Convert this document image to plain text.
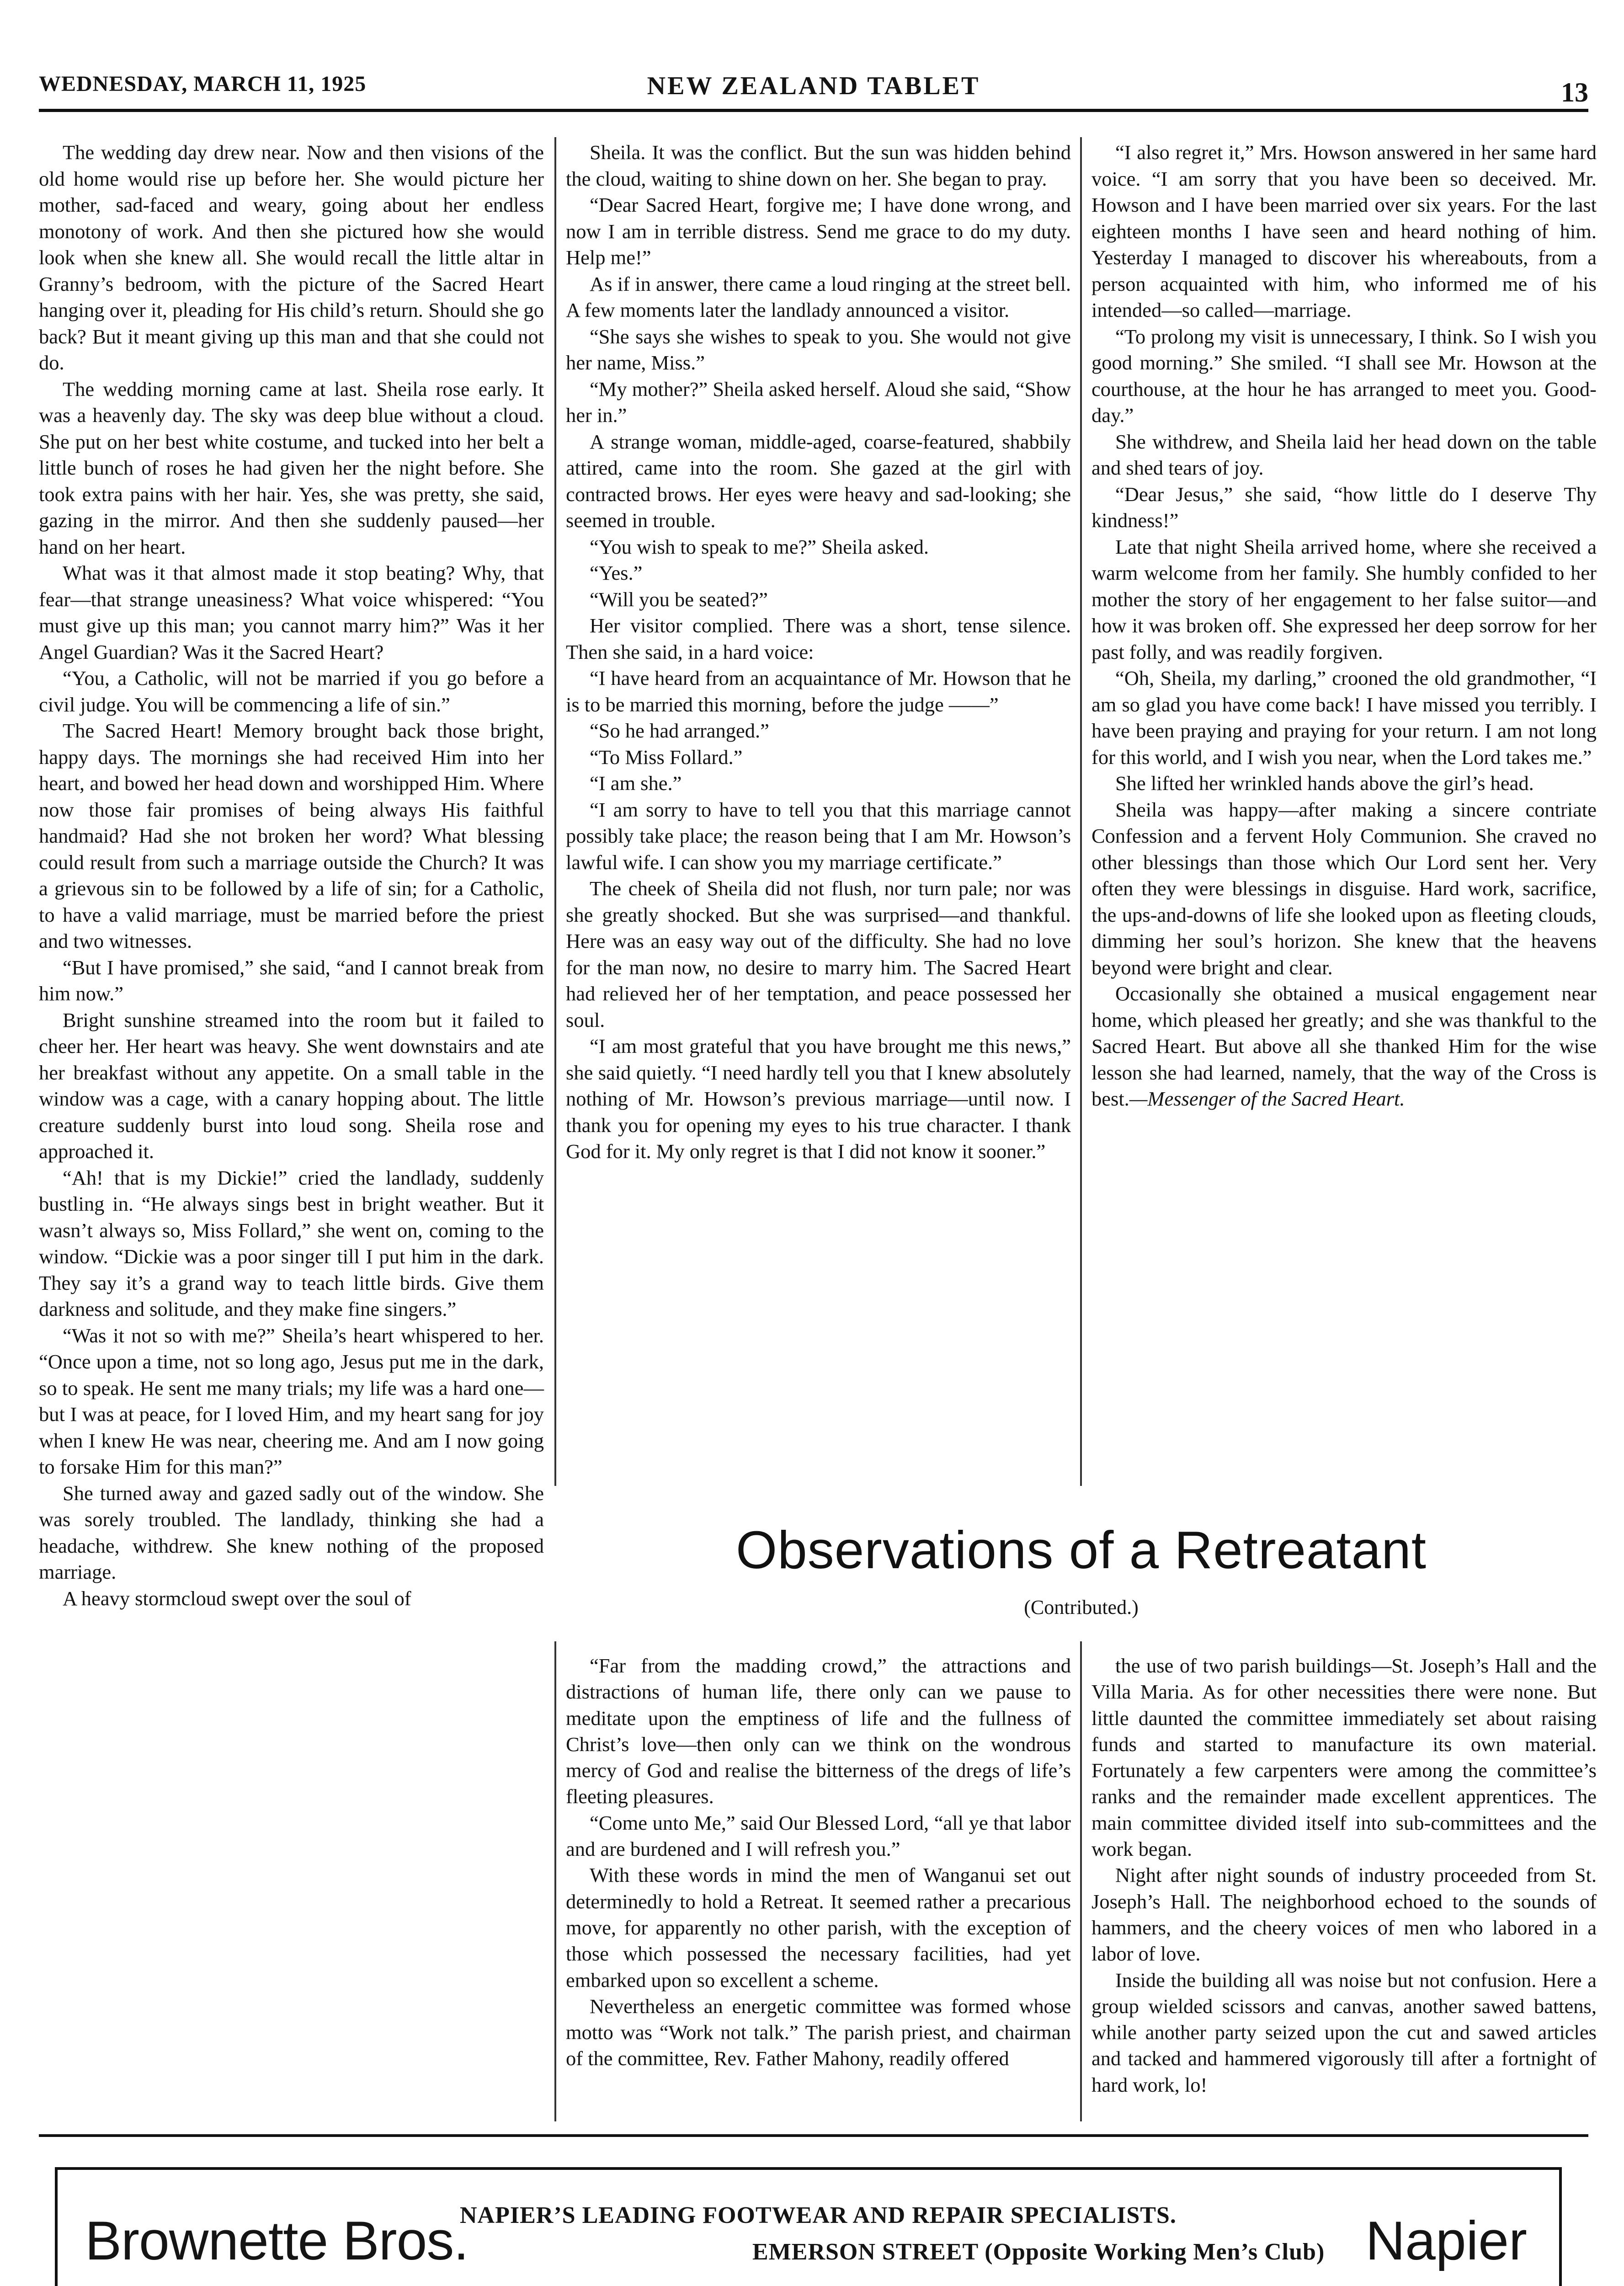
WEDNESDAY, MARCH 11, 1925	NEW ZEALAND TABLET	13

The wedding day drew near. Now and then visions of the old home would rise up before her. She would picture her mother, sad-faced and weary, going about her endless monotony of work. And then she pictured how she would look when she knew all. She would recall the little altar in Granny’s bedroom, with the picture of the Sacred Heart hanging over it, pleading for His child’s return. Should she go back? But it meant giving up this man and that she could not do.

The wedding morning came at last. Sheila rose early. It was a heavenly day. The sky was deep blue without a cloud. She put on her best white costume, and tucked into her belt a little bunch of roses he had given her the night before. She took extra pains with her hair. Yes, she was pretty, she said, gazing in the mirror. And then she suddenly paused—her hand on her heart.

What was it that almost made it stop beating? Why, that fear—that strange uneasiness? What voice whispered: “You must give up this man; you cannot marry him?” Was it her Angel Guardian? Was it the Sacred Heart?

“You, a Catholic, will not be married if you go before a civil judge. You will be commencing a life of sin.”

The Sacred Heart! Memory brought back those bright, happy days. The mornings she had received Him into her heart, and bowed her head down and worshipped Him. Where now those fair promises of being always His faithful handmaid? Had she not broken her word? What blessing could result from such a marriage outside the Church? It was a grievous sin to be followed by a life of sin; for a Catholic, to have a valid marriage, must be married before the priest and two witnesses.

“But I have promised,” she said, “and I cannot break from him now.”

Bright sunshine streamed into the room but it failed to cheer her. Her heart was heavy. She went downstairs and ate her breakfast without any appetite. On a small table in the window was a cage, with a canary hopping about. The little creature suddenly burst into loud song. Sheila rose and approached it.

“Ah! that is my Dickie!” cried the landlady, suddenly bustling in. “He always sings best in bright weather. But it wasn’t always so, Miss Follard,” she went on, coming to the window. “Dickie was a poor singer till I put him in the dark. They say it’s a grand way to teach little birds. Give them darkness and solitude, and they make fine singers.”

“Was it not so with me?” Sheila’s heart whispered to her. “Once upon a time, not so long ago, Jesus put me in the dark, so to speak. He sent me many trials; my life was a hard one—but I was at peace, for I loved Him, and my heart sang for joy when I knew He was near, cheering me. And am I now going to forsake Him for this man?”

She turned away and gazed sadly out of the window. She was sorely troubled. The landlady, thinking she had a headache, withdrew. She knew nothing of the proposed marriage.

A heavy stormcloud swept over the soul of

Sheila. It was the conflict. But the sun was hidden behind the cloud, waiting to shine down on her. She began to pray.

“Dear Sacred Heart, forgive me; I have done wrong, and now I am in terrible distress. Send me grace to do my duty. Help me!”

As if in answer, there came a loud ringing at the street bell. A few moments later the landlady announced a visitor.

“She says she wishes to speak to you. She would not give her name, Miss.”

“My mother?” Sheila asked herself. Aloud she said, “Show her in.”

A strange woman, middle-aged, coarse-featured, shabbily attired, came into the room. She gazed at the girl with contracted brows. Her eyes were heavy and sad-looking; she seemed in trouble.

“You wish to speak to me?” Sheila asked.

“Yes.”

“Will you be seated?”

Her visitor complied. There was a short, tense silence. Then she said, in a hard voice:

“I have heard from an acquaintance of Mr. Howson that he is to be married this morning, before the judge ——”

“So he had arranged.”

“To Miss Follard.”

“I am she.”

“I am sorry to have to tell you that this marriage cannot possibly take place; the reason being that I am Mr. Howson’s lawful wife. I can show you my marriage certificate.”

The cheek of Sheila did not flush, nor turn pale; nor was she greatly shocked. But she was surprised—and thankful. Here was an easy way out of the difficulty. She had no love for the man now, no desire to marry him. The Sacred Heart had relieved her of her temptation, and peace possessed her soul.

“I am most grateful that you have brought me this news,” she said quietly. “I need hardly tell you that I knew absolutely nothing of Mr. Howson’s previous marriage—until now. I thank you for opening my eyes to his true character. I thank God for it. My only regret is that I did not know it sooner.”

“I also regret it,” Mrs. Howson answered in her same hard voice. “I am sorry that you have been so deceived. Mr. Howson and I have been married over six years. For the last eighteen months I have seen and heard nothing of him. Yesterday I managed to discover his whereabouts, from a person acquainted with him, who informed me of his intended—so called—marriage.

“To prolong my visit is unnecessary, I think. So I wish you good morning.” She smiled. “I shall see Mr. Howson at the courthouse, at the hour he has arranged to meet you. Good-day.”

She withdrew, and Sheila laid her head down on the table and shed tears of joy.

“Dear Jesus,” she said, “how little do I deserve Thy kindness!”

Late that night Sheila arrived home, where she received a warm welcome from her family. She humbly confided to her mother the story of her engagement to her false suitor—and how it was broken off. She expressed her deep sorrow for her past folly, and was readily forgiven.

“Oh, Sheila, my darling,” crooned the old grandmother, “I am so glad you have come back! I have missed you terribly. I have been praying and praying for your return. I am not long for this world, and I wish you near, when the Lord takes me.”

She lifted her wrinkled hands above the girl’s head.

Sheila was happy—after making a sincere contriate Confession and a fervent Holy Communion. She craved no other blessings than those which Our Lord sent her. Very often they were blessings in disguise. Hard work, sacrifice, the ups-and-downs of life she looked upon as fleeting clouds, dimming her soul’s horizon. She knew that the heavens beyond were bright and clear.

Occasionally she obtained a musical engagement near home, which pleased her greatly; and she was thankful to the Sacred Heart. But above all she thanked Him for the wise lesson she had learned, namely, that the way of the Cross is best.—Messenger of the Sacred Heart.

Observations of a Retreatant
(Contributed.)

“Far from the madding crowd,” the attractions and distractions of human life, there only can we pause to meditate upon the emptiness of life and the fullness of Christ’s love—then only can we think on the wondrous mercy of God and realise the bitterness of the dregs of life’s fleeting pleasures.

“Come unto Me,” said Our Blessed Lord, “all ye that labor and are burdened and I will refresh you.”

With these words in mind the men of Wanganui set out determinedly to hold a Retreat. It seemed rather a precarious move, for apparently no other parish, with the exception of those which possessed the necessary facilities, had yet embarked upon so excellent a scheme.

Nevertheless an energetic committee was formed whose motto was “Work not talk.” The parish priest, and chairman of the committee, Rev. Father Mahony, readily offered

the use of two parish buildings—St. Joseph’s Hall and the Villa Maria. As for other necessities there were none. But little daunted the committee immediately set about raising funds and started to manufacture its own material. Fortunately a few carpenters were among the committee’s ranks and the remainder made excellent apprentices. The main committee divided itself into sub-committees and the work began.

Night after night sounds of industry proceeded from St. Joseph’s Hall. The neighborhood echoed to the sounds of hammers, and the cheery voices of men who labored in a labor of love.

Inside the building all was noise but not confusion. Here a group wielded scissors and canvas, another sawed battens, while another party seized upon the cut and sawed articles and tacked and hammered vigorously till after a fortnight of hard work, lo!

Brownette Bros.
NAPIER’S LEADING FOOTWEAR AND REPAIR SPECIALISTS.
EMERSON STREET (Opposite Working Men’s Club) Napier
